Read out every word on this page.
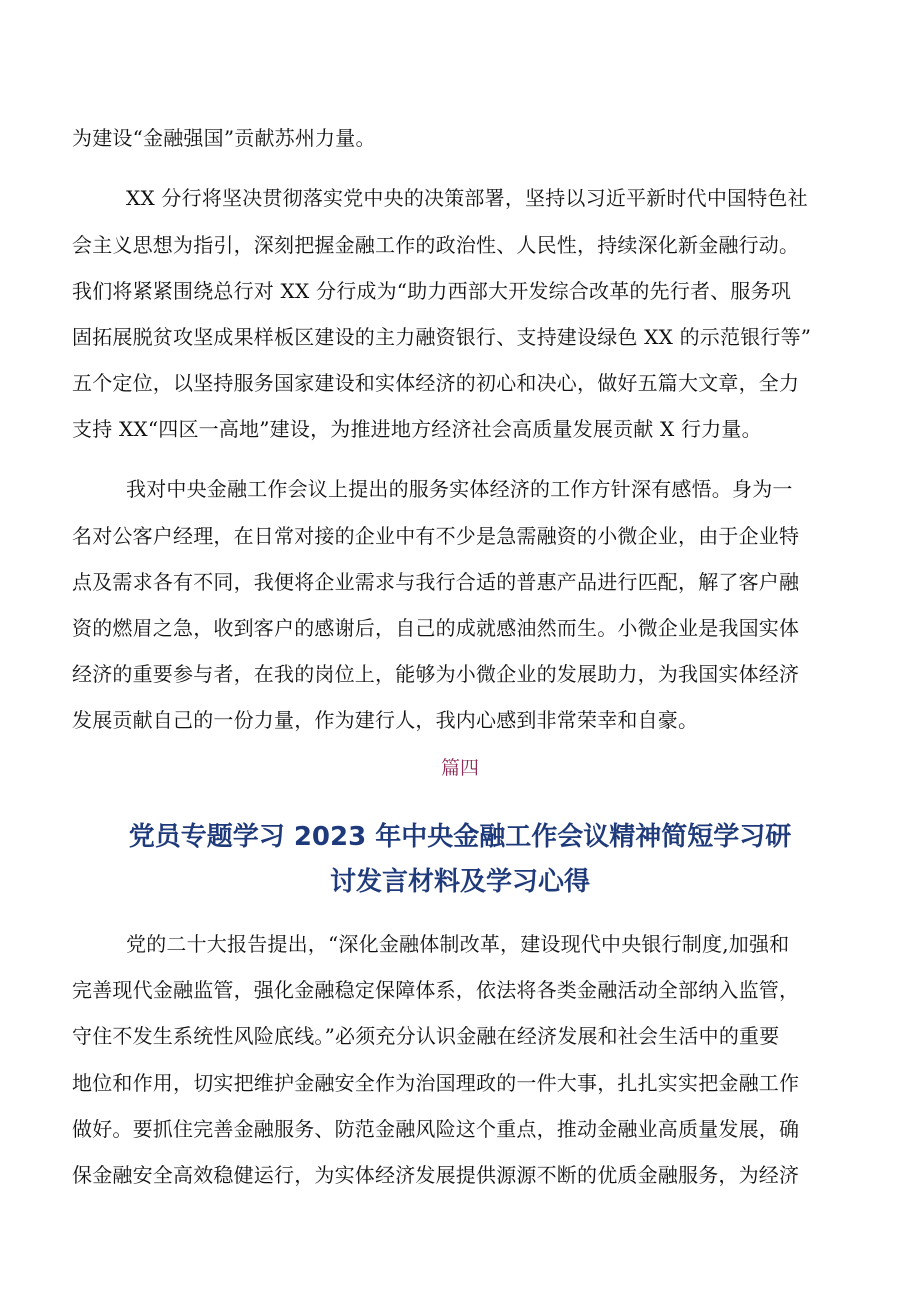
为建设“金融强国”贡献苏州力量。

XX 分行将坚决贯彻落实党中央的决策部署，坚持以习近平新时代中国特色社

会主义思想为指引，深刻把握金融工作的政治性、人民性，持续深化新金融行动。

我们将紧紧围绕总行对 XX 分行成为“助力西部大开发综合改革的先行者、服务巩

固拓展脱贫攻坚成果样板区建设的主力融资银行、支持建设绿色 XX 的示范银行等”

五个定位，以坚持服务国家建设和实体经济的初心和决心，做好五篇大文章，全力

支持 XX“四区一高地”建设，为推进地方经济社会高质量发展贡献 X 行力量。

我对中央金融工作会议上提出的服务实体经济的工作方针深有感悟。身为一

名对公客户经理，在日常对接的企业中有不少是急需融资的小微企业，由于企业特

点及需求各有不同，我便将企业需求与我行合适的普惠产品进行匹配，解了客户融

资的燃眉之急，收到客户的感谢后，自己的成就感油然而生。小微企业是我国实体

经济的重要参与者，在我的岗位上，能够为小微企业的发展助力，为我国实体经济

发展贡献自己的一份力量，作为建行人，我内心感到非常荣幸和自豪。

篇四

党员专题学习 2023 年中央金融工作会议精神简短学习研
讨发言材料及学习心得

党的二十大报告提出，“深化金融体制改革，建设现代中央银行制度,加强和

完善现代金融监管，强化金融稳定保障体系，依法将各类金融活动全部纳入监管，

守住不发生系统性风险底线。”必须充分认识金融在经济发展和社会生活中的重要

地位和作用，切实把维护金融安全作为治国理政的一件大事，扎扎实实把金融工作

做好。要抓住完善金融服务、防范金融风险这个重点，推动金融业高质量发展，确

保金融安全高效稳健运行，为实体经济发展提供源源不断的优质金融服务，为经济
